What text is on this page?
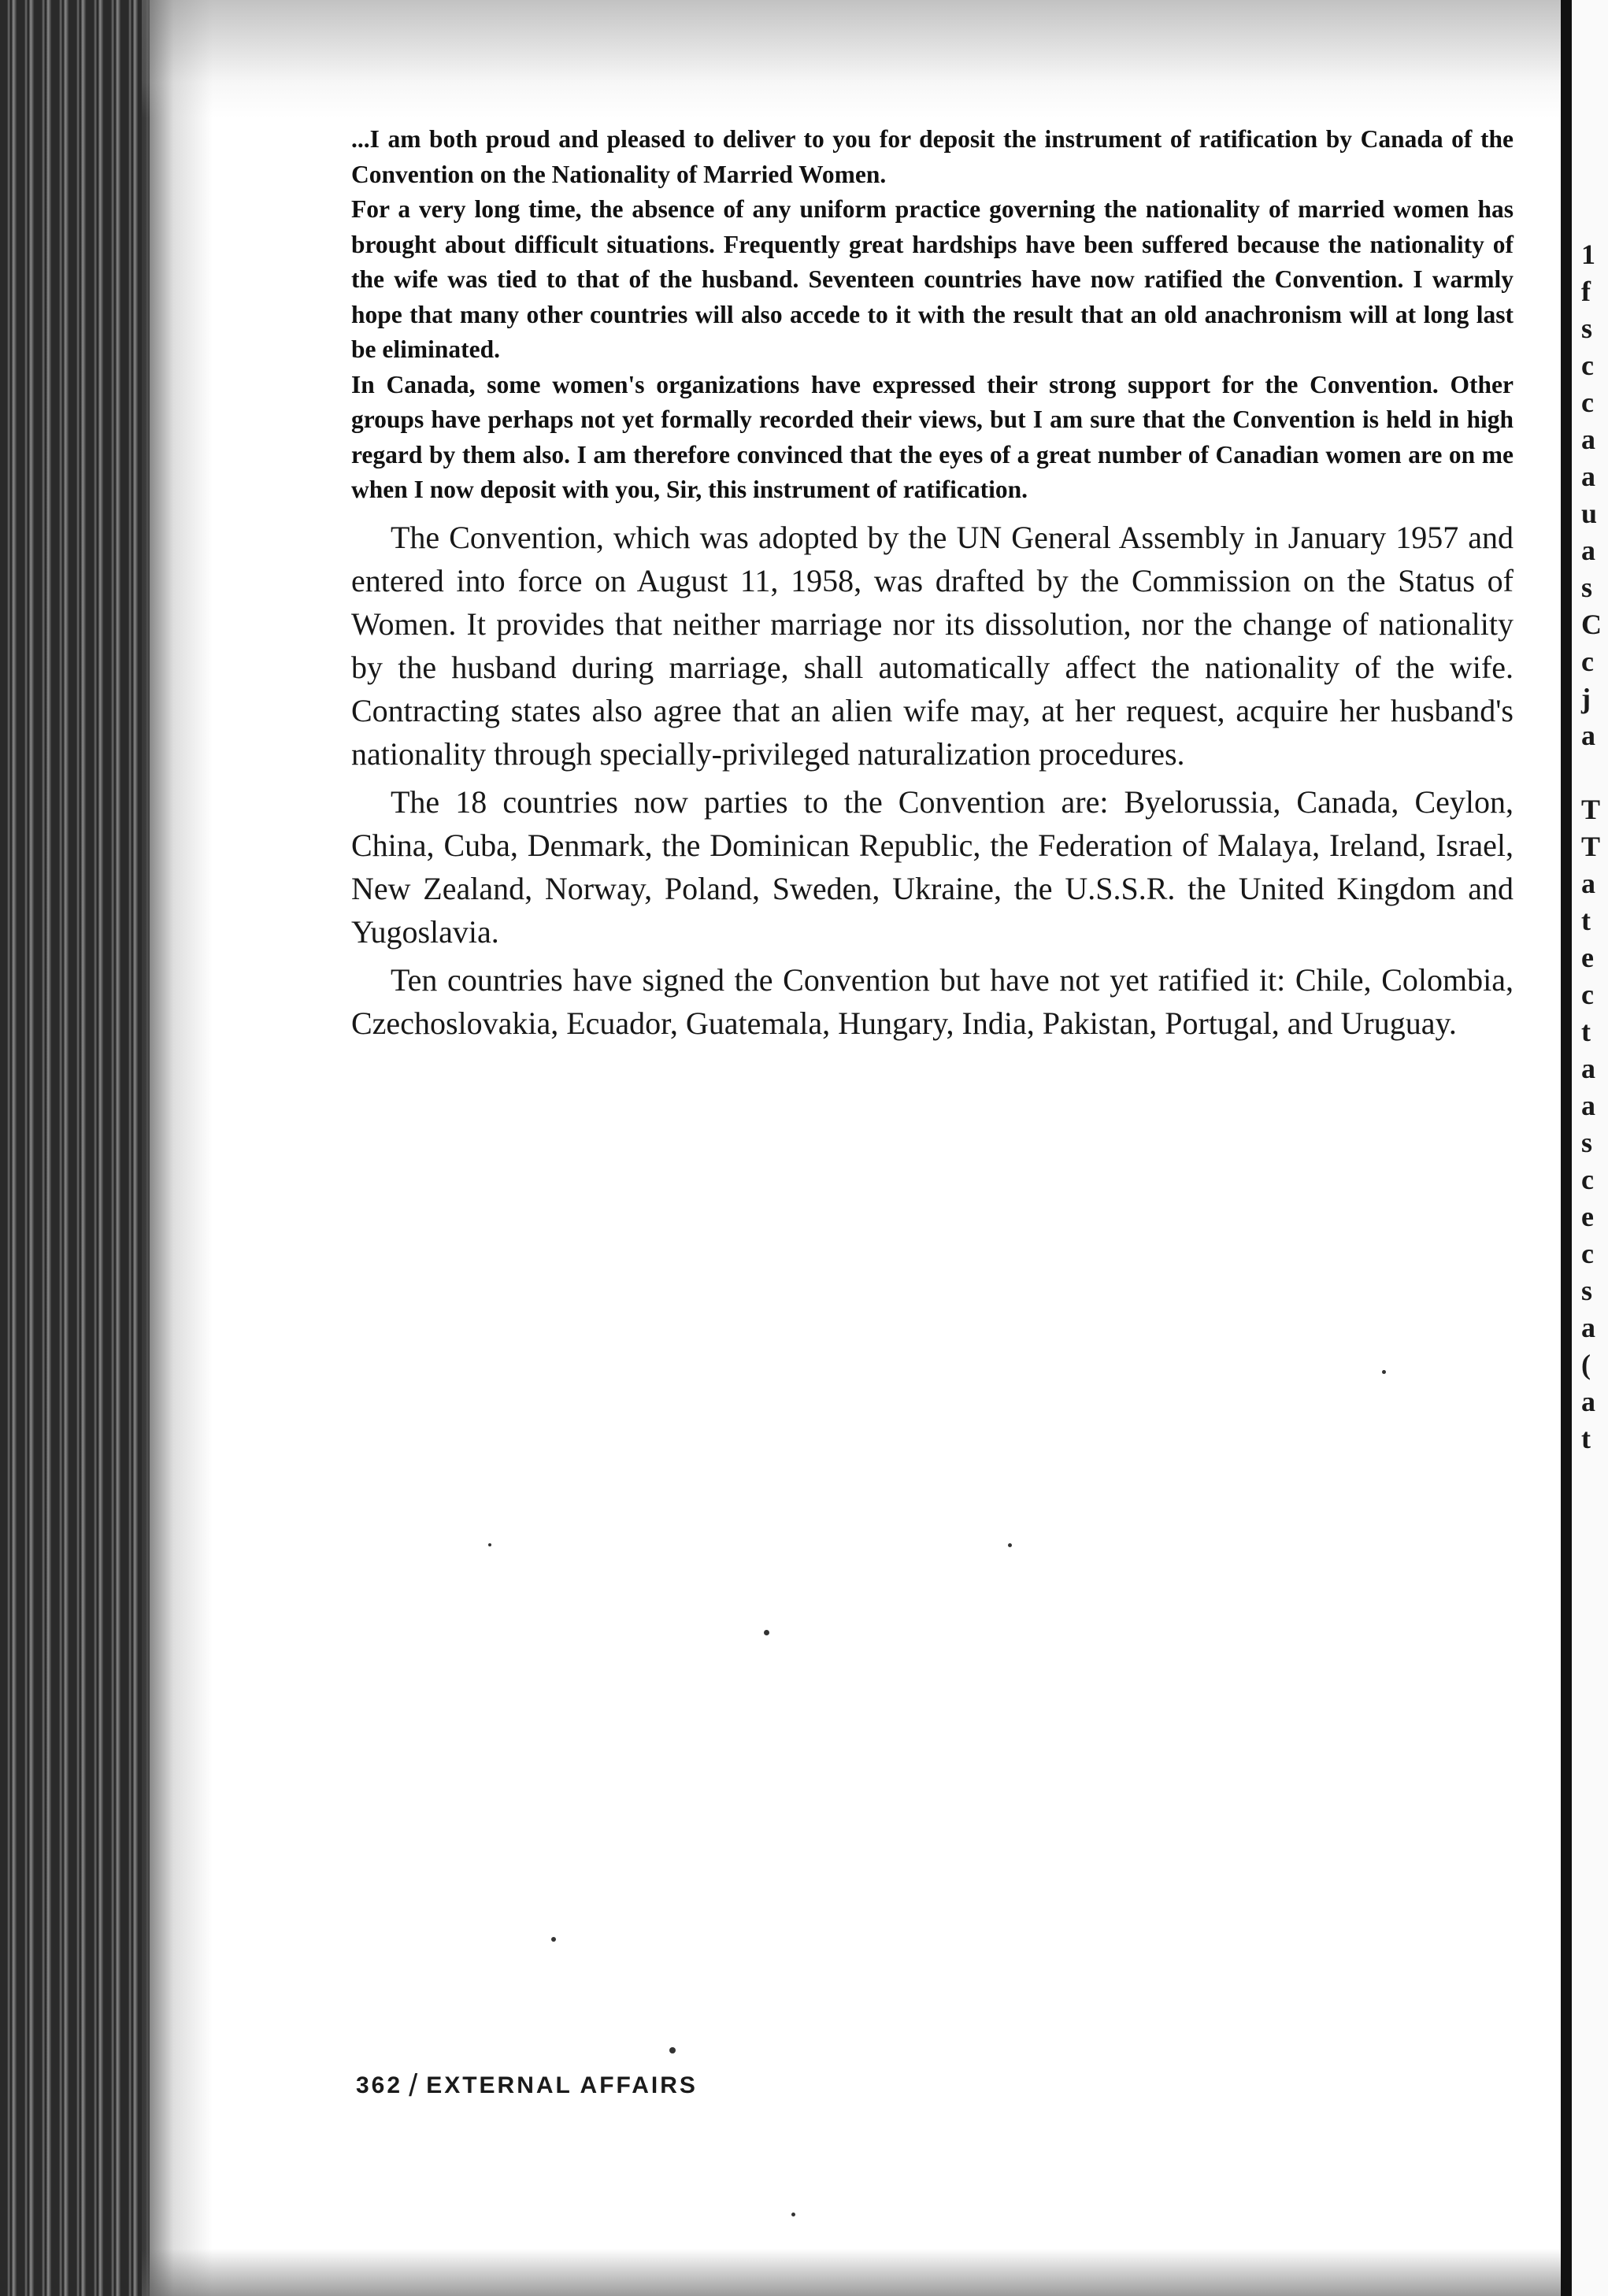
1
f
s
c
c
a
a
u
a
s
C
c
j
a

T
T
a
t
e
c
t
a
a
s
c
e
c
s
a
(
a
t

...I am both proud and pleased to deliver to you for deposit the instrument of ratification by Canada of the Convention on the Nationality of Married Women.

For a very long time, the absence of any uniform practice governing the nationality of married women has brought about difficult situations. Frequently great hardships have been suffered because the nationality of the wife was tied to that of the husband. Seventeen countries have now ratified the Convention. I warmly hope that many other countries will also accede to it with the result that an old anachronism will at long last be eliminated.

In Canada, some women's organizations have expressed their strong support for the Convention. Other groups have perhaps not yet formally recorded their views, but I am sure that the Convention is held in high regard by them also. I am therefore convinced that the eyes of a great number of Canadian women are on me when I now deposit with you, Sir, this instrument of ratification.

The Convention, which was adopted by the UN General Assembly in January 1957 and entered into force on August 11, 1958, was drafted by the Commission on the Status of Women. It provides that neither marriage nor its dissolution, nor the change of nationality by the husband during marriage, shall automatically affect the nationality of the wife. Contracting states also agree that an alien wife may, at her request, acquire her husband's nationality through specially-privileged naturalization procedures.

The 18 countries now parties to the Convention are: Byelorussia, Canada, Ceylon, China, Cuba, Denmark, the Dominican Republic, the Federation of Malaya, Ireland, Israel, New Zealand, Norway, Poland, Sweden, Ukraine, the U.S.S.R. the United Kingdom and Yugoslavia.

Ten countries have signed the Convention but have not yet ratified it: Chile, Colombia, Czechoslovakia, Ecuador, Guatemala, Hungary, India, Pakistan, Portugal, and Uruguay.

362 / EXTERNAL AFFAIRS
